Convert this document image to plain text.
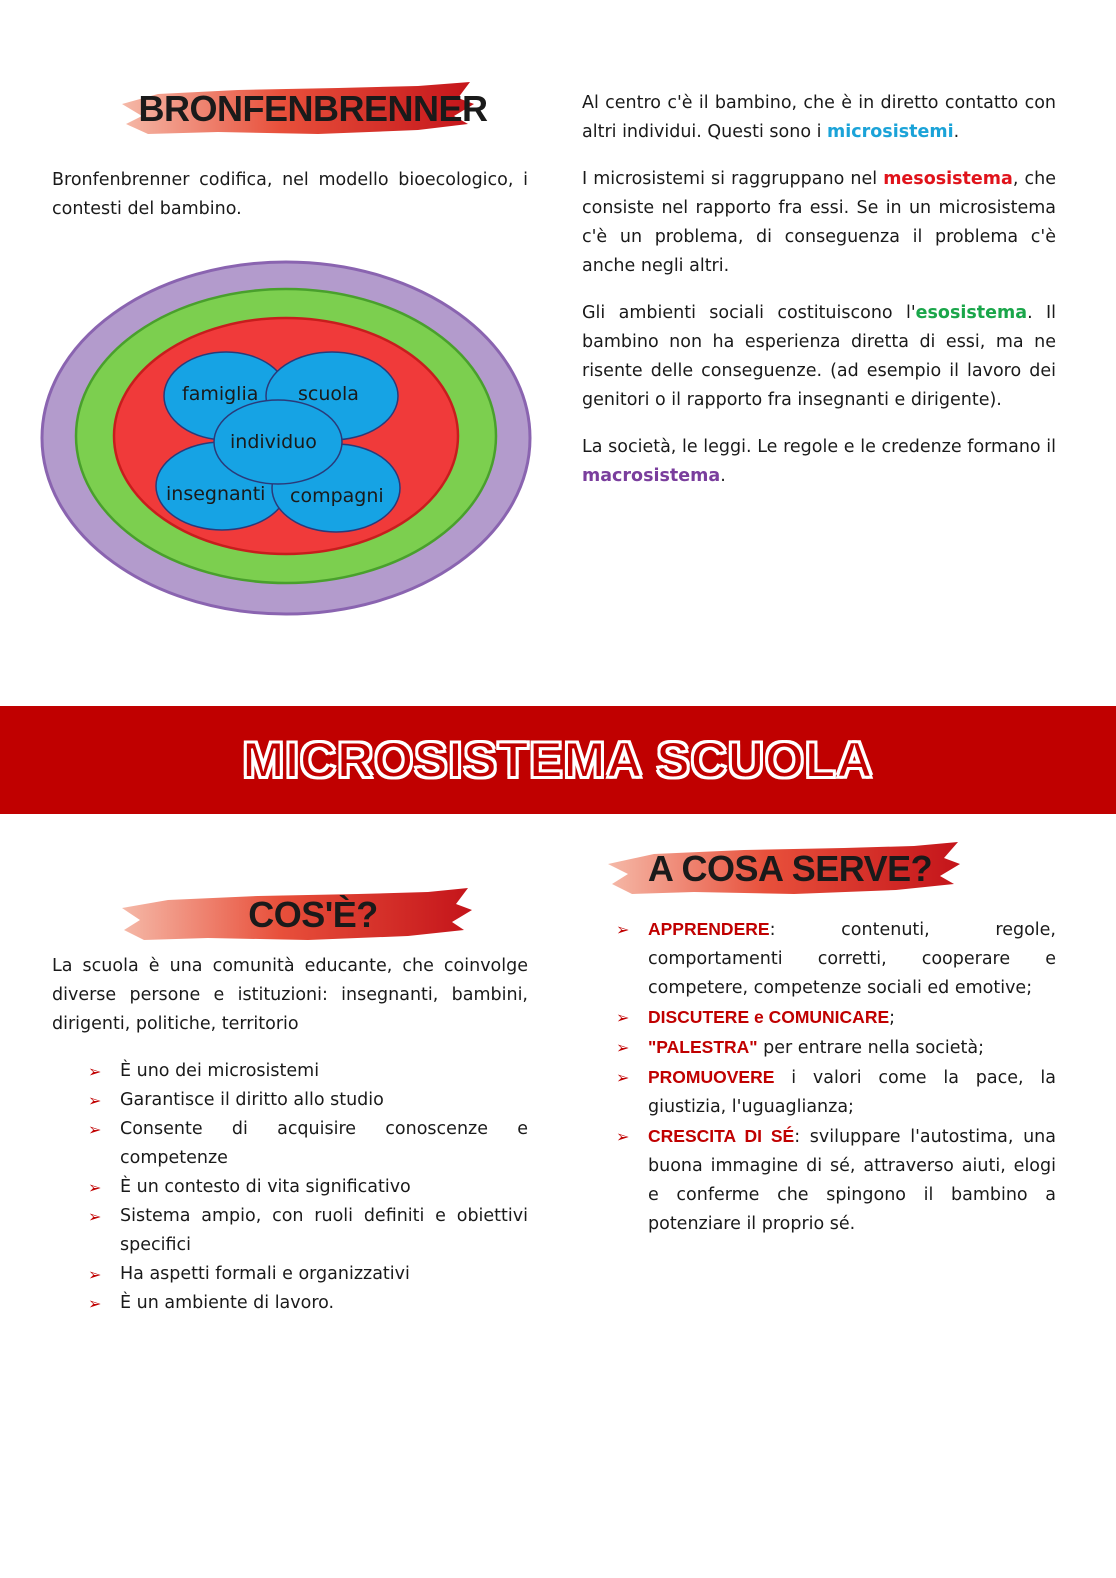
BRONFENBRENNER
Bronfenbrenner codifica, nel modello bioecologico, i contesti del bambino.
famiglia scuola
individuo
insegnanti compagni

Al centro c'è il bambino, che è in diretto contatto con altri individui. Questi sono i microsistemi.

I microsistemi si raggruppano nel mesosistema, che consiste nel rapporto fra essi. Se in un microsistema c'è un problema, di conseguenza il problema c'è anche negli altri.

Gli ambienti sociali costituiscono l'esosistema. Il bambino non ha esperienza diretta di essi, ma ne risente delle conseguenze. (ad esempio il lavoro dei genitori o il rapporto fra insegnanti e dirigente).

La società, le leggi. Le regole e le credenze formano il macrosistema.

MICROSISTEMA SCUOLA
COS'È?
La scuola è una comunità educante, che coinvolge diverse persone e istituzioni: insegnanti, bambini, dirigenti, politiche, territorio
➢ È uno dei microsistemi
➢ Garantisce il diritto allo studio
➢ Consente di acquisire conoscenze e competenze
➢ È un contesto di vita significativo
➢ Sistema ampio, con ruoli definiti e obiettivi specifici
➢ Ha aspetti formali e organizzativi
➢ È un ambiente di lavoro.
A COSA SERVE?
➢ APPRENDERE: contenuti, regole, comportamenti corretti, cooperare e competere, competenze sociali ed emotive;
➢ DISCUTERE e COMUNICARE;
➢ "PALESTRA" per entrare nella società;
➢ PROMUOVERE i valori come la pace, la giustizia, l'uguaglianza;
➢ CRESCITA DI SÉ: sviluppare l'autostima, una buona immagine di sé, attraverso aiuti, elogi e conferme che spingono il bambino a potenziare il proprio sé.
